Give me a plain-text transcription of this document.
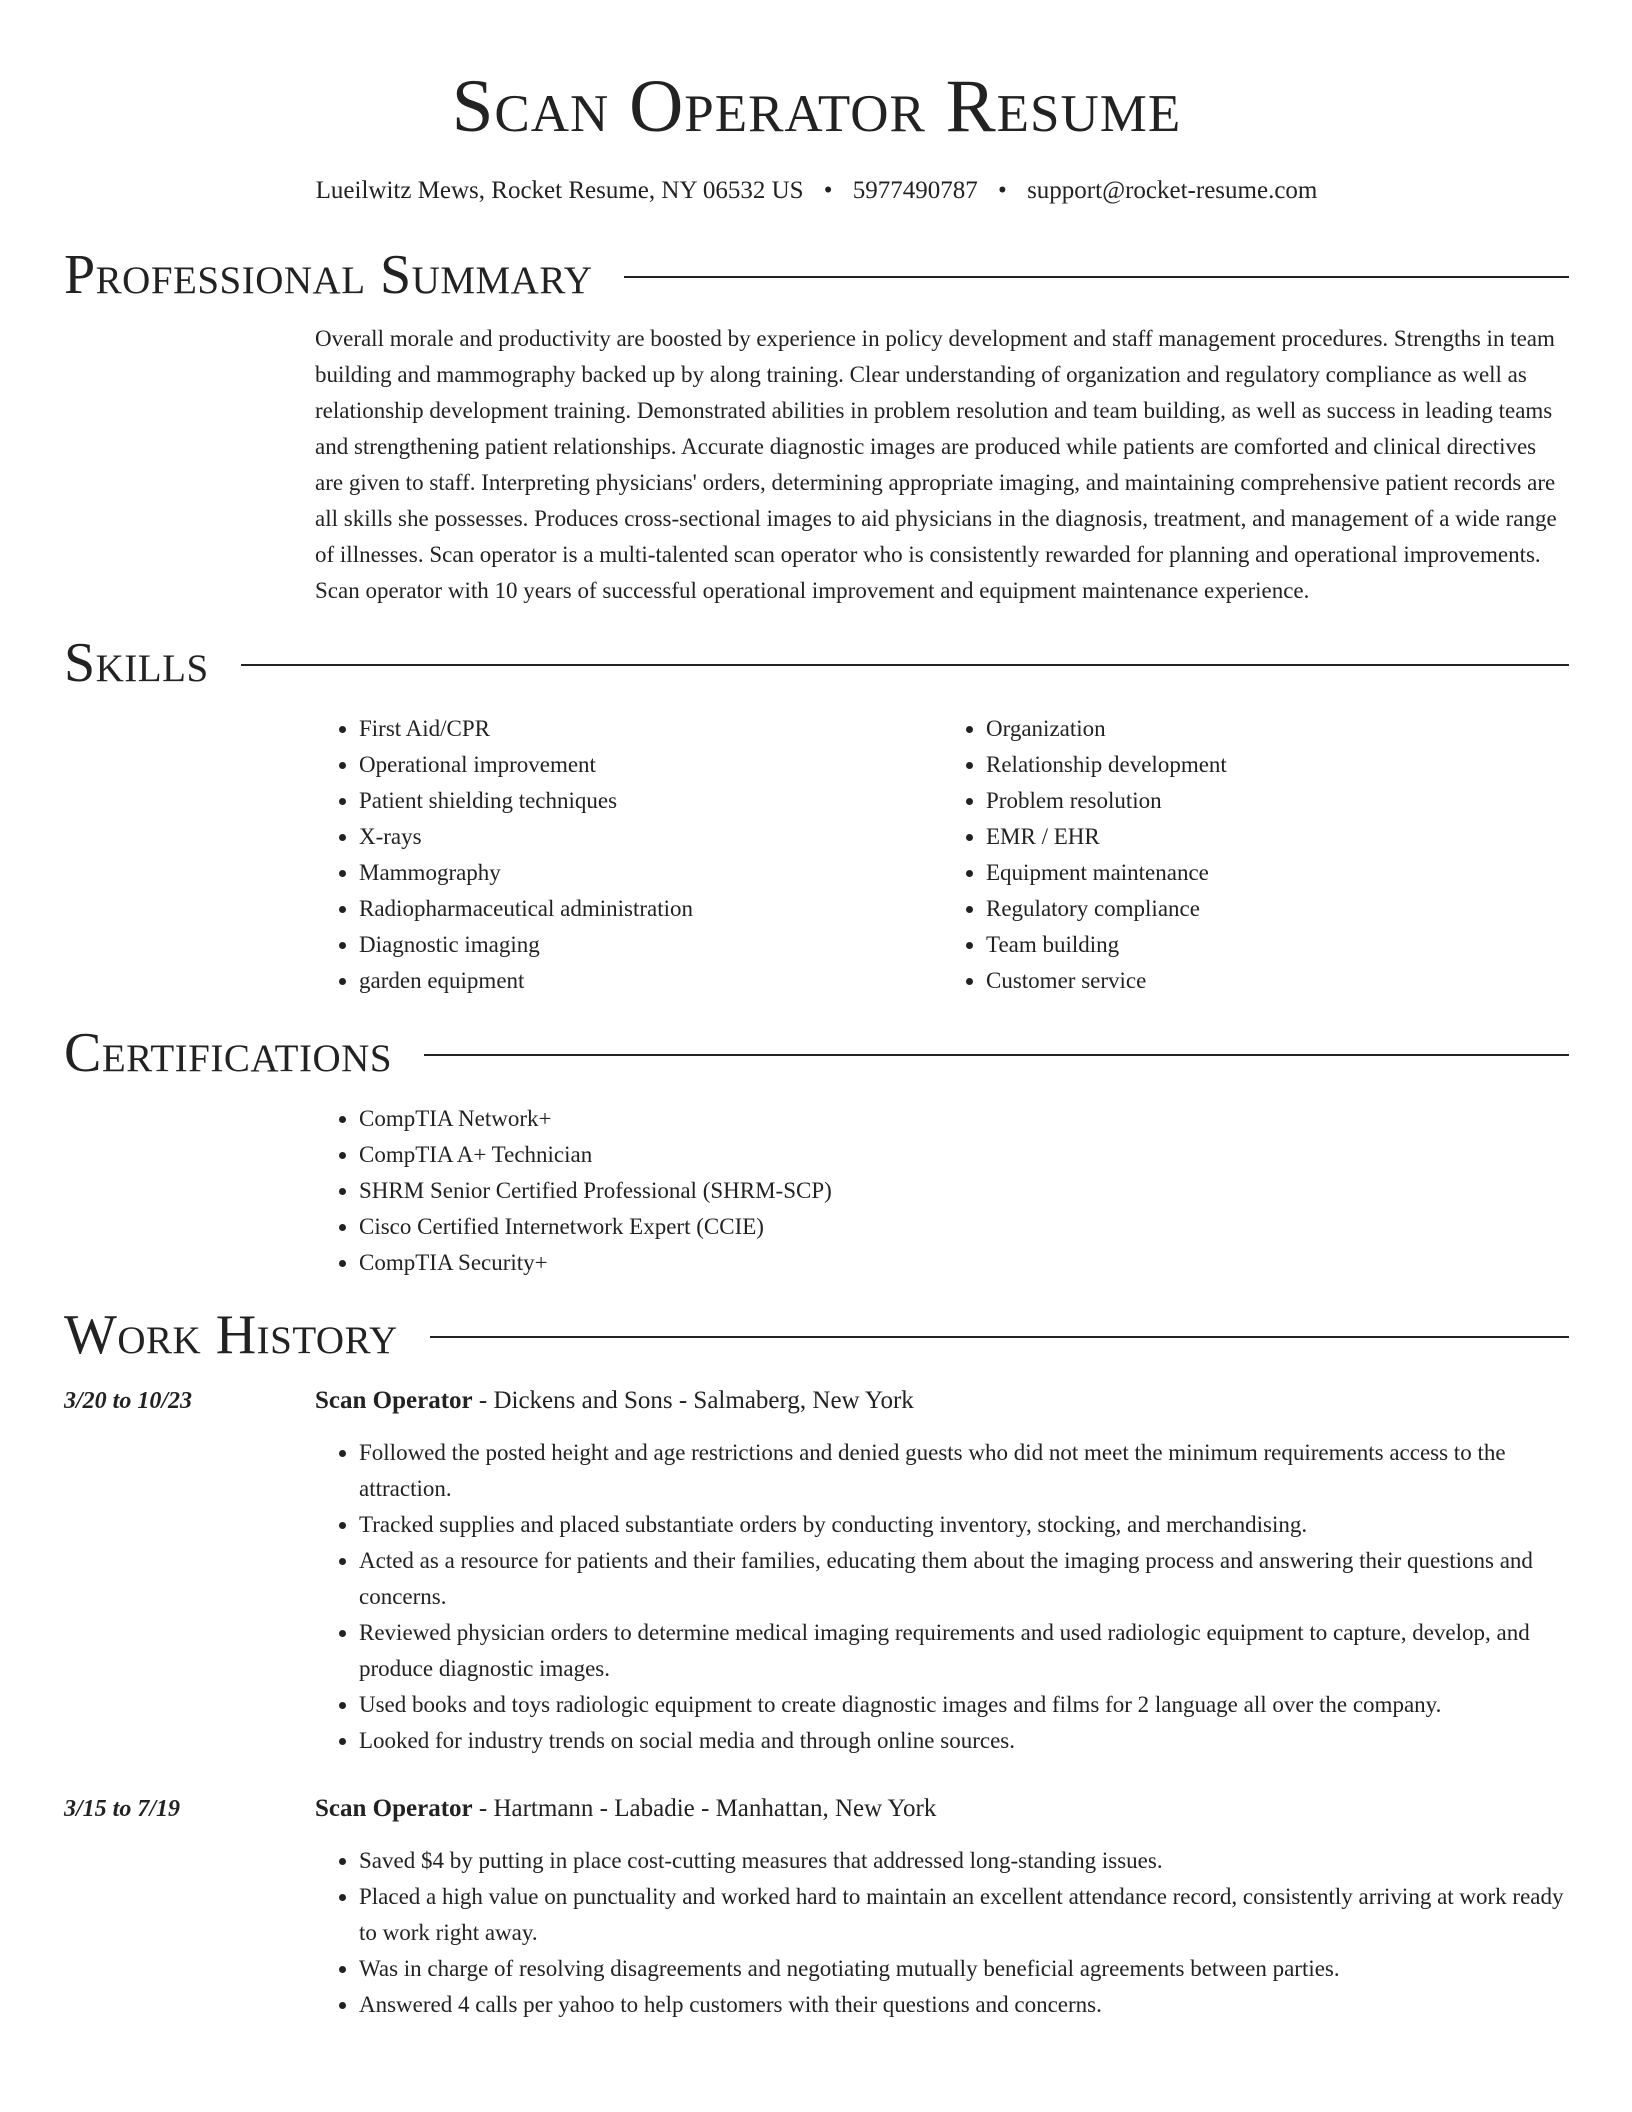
Scan Operator Resume
Lueilwitz Mews, Rocket Resume, NY 06532 US • 5977490787 • support@rocket-resume.com
Professional Summary

Overall morale and productivity are boosted by experience in policy development and staff management procedures. Strengths in team building and mammography backed up by along training. Clear understanding of organization and regulatory compliance as well as relationship development training. Demonstrated abilities in problem resolution and team building, as well as success in leading teams and strengthening patient relationships. Accurate diagnostic images are produced while patients are comforted and clinical directives are given to staff. Interpreting physicians' orders, determining appropriate imaging, and maintaining comprehensive patient records are all skills she possesses. Produces cross-sectional images to aid physicians in the diagnosis, treatment, and management of a wide range of illnesses. Scan operator is a multi-talented scan operator who is consistently rewarded for planning and operational improvements. Scan operator with 10 years of successful operational improvement and equipment maintenance experience.

Skills
• First Aid/CPR
• Operational improvement
• Patient shielding techniques
• X-rays
• Mammography
• Radiopharmaceutical administration
• Diagnostic imaging
• garden equipment
• Organization
• Relationship development
• Problem resolution
• EMR / EHR
• Equipment maintenance
• Regulatory compliance
• Team building
• Customer service
Certifications
• CompTIA Network+
• CompTIA A+ Technician
• SHRM Senior Certified Professional (SHRM-SCP)
• Cisco Certified Internetwork Expert (CCIE)
• CompTIA Security+
Work History
3/20 to 10/23	Scan Operator - Dickens and Sons - Salmaberg, New York
• Followed the posted height and age restrictions and denied guests who did not meet the minimum requirements access to the attraction.
• Tracked supplies and placed substantiate orders by conducting inventory, stocking, and merchandising.
• Acted as a resource for patients and their families, educating them about the imaging process and answering their questions and concerns.
• Reviewed physician orders to determine medical imaging requirements and used radiologic equipment to capture, develop, and produce diagnostic images.
• Used books and toys radiologic equipment to create diagnostic images and films for 2 language all over the company.
• Looked for industry trends on social media and through online sources.
3/15 to 7/19	Scan Operator - Hartmann - Labadie - Manhattan, New York
• Saved $4 by putting in place cost-cutting measures that addressed long-standing issues.
• Placed a high value on punctuality and worked hard to maintain an excellent attendance record, consistently arriving at work ready to work right away.
• Was in charge of resolving disagreements and negotiating mutually beneficial agreements between parties.
• Answered 4 calls per yahoo to help customers with their questions and concerns.
